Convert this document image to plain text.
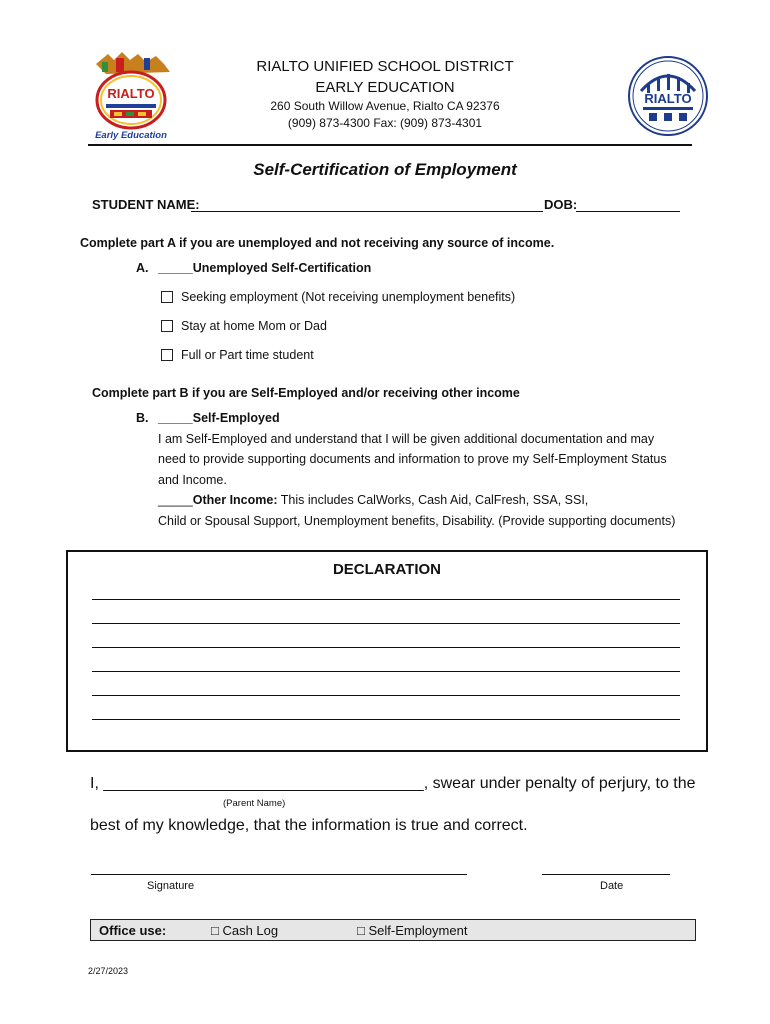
RIALTO
Early Education
RIALTO UNIFIED SCHOOL DISTRICT
EARLY EDUCATION
260 South Willow Avenue, Rialto CA 92376
(909) 873-4300 Fax: (909) 873-4301
RIALTO
Self-Certification of Employment
STUDENT NAME:	DOB:
Complete part A if you are unemployed and not receiving any source of income.
A. _____Unemployed Self-Certification
Seeking employment (Not receiving unemployment benefits)
Stay at home Mom or Dad
Full or Part time student
Complete part B if you are Self-Employed and/or receiving other income
B. _____Self-Employed
I am Self-Employed and understand that I will be given additional documentation and may
need to provide supporting documents and information to prove my Self-Employment Status
and Income.
_____Other Income: This includes CalWorks, Cash Aid, CalFresh, SSA, SSI,
Child or Spousal Support, Unemployment benefits, Disability. (Provide supporting documents)
DECLARATION
I, ____________________________________, swear under penalty of perjury, to the
(Parent Name)
best of my knowledge, that the information is true and correct.
Signature	Date
Office use:	□ Cash Log	□ Self-Employment
2/27/2023
